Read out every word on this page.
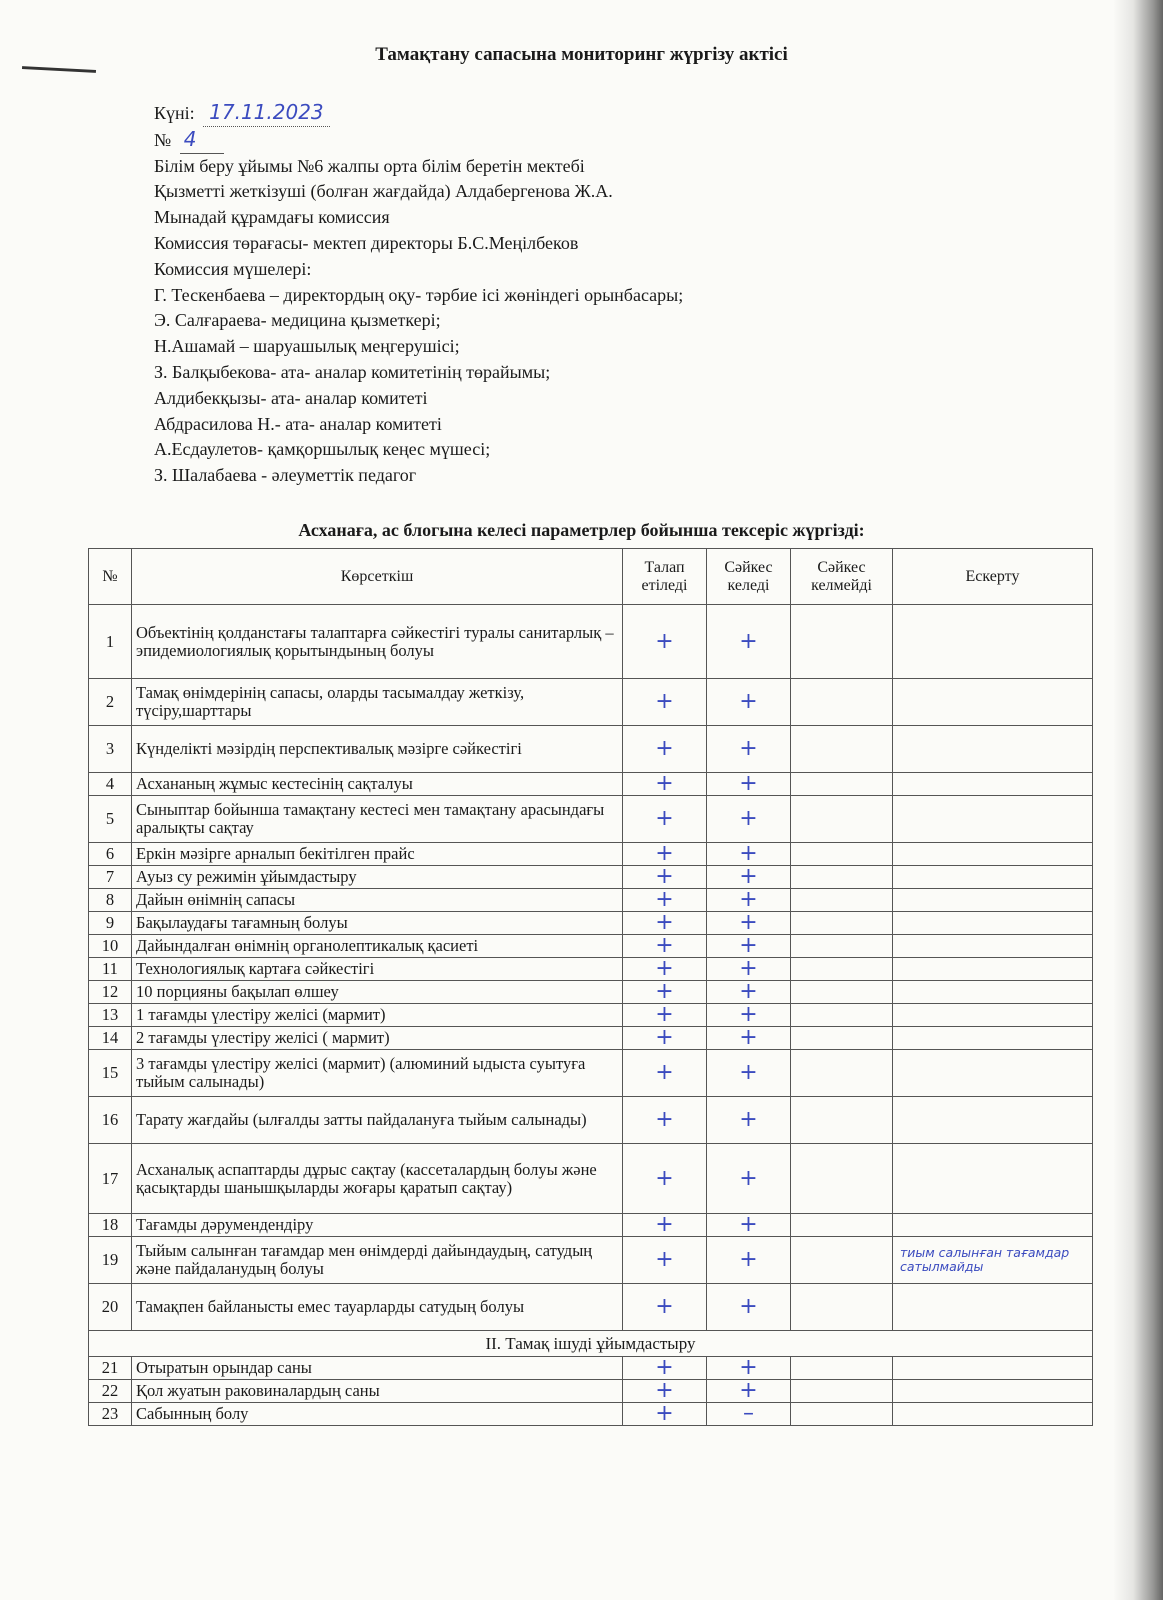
Тамақтану сапасына мониторинг жүргізу актісі
Күні: 17.11.2023
№ 4
Білім беру ұйымы №6 жалпы орта білім беретін мектебі
Қызметті жеткізуші (болған жағдайда) Алдабергенова Ж.А.
Мынадай құрамдағы комиссия
Комиссия төрағасы- мектеп директоры Б.С.Меңілбеков
Комиссия мүшелері:
Г. Тескенбаева – директордың оқу- тәрбие ісі жөніндегі орынбасары;
Э. Салғараева- медицина қызметкері;
Н.Ашамай – шаруашылық меңгерушісі;
З. Балқыбекова- ата- аналар комитетінің төрайымы;
Алдибекқызы- ата- аналар комитеті
Абдрасилова Н.- ата- аналар комитеті
А.Есдаулетов- қамқоршылық кеңес мүшесі;
З. Шалабаева - әлеуметтік педагог
Асханаға, ас блогына келесі параметрлер бойынша тексеріс жүргізді:
№	Көрсеткіш	Талап етіледі	Сәйкес келеді	Сәйкес келмейді	Ескерту
1	Объектінің қолданстағы талаптарға сәйкестігі туралы санитарлық – эпидемиологиялық қорытындының болуы	+	+		

2	Тамақ өнімдерінің сапасы, оларды тасымалдау жеткізу, түсіру,шарттары	+	+		

3	Күнделікті мәзірдің перспективалық мәзірге сәйкестігі	+	+		

4	Асхананың жұмыс кестесінің сақталуы	+	+		

5	Сыныптар бойынша тамақтану кестесі мен тамақтану арасындағы аралықты сақтау	+	+		

6	Еркін мәзірге арналып бекітілген прайс	+	+		

7	Ауыз су режимін ұйымдастыру	+	+		

8	Дайын өнімнің сапасы	+	+		

9	Бақылаудағы тағамның болуы	+	+		

10	Дайындалған өнімнің органолептикалық қасиеті	+	+		

11	Технологиялық картаға сәйкестігі	+	+		

12	10 порцияны бақылап өлшеу	+	+		

13	1 тағамды үлестіру желісі (мармит)	+	+		

14	2 тағамды үлестіру желісі ( мармит)	+	+		

15	3 тағамды үлестіру желісі (мармит) (алюминий ыдыста суытуға тыйым салынады)	+	+		

16	Тарату жағдайы (ылғалды затты пайдалануға тыйым салынады)	+	+		

17	Асханалық аспаптарды дұрыс сақтау (кассеталардың болуы және қасықтарды шанышқыларды жоғары қаратып сақтау)	+	+		

18	Тағамды дәрумендендіру	+	+		

19	Тыйым салынған тағамдар мен өнімдерді дайындаудың, сатудың және пайдаланудың болуы	+	+		тиым салынған тағамдар сатылмайды

20	Тамақпен байланысты емес тауарларды сатудың болуы	+	+		

ІІ. Тамақ ішуді ұйымдастыру					
21	Отыратын орындар саны	+	+		

22	Қол жуатын раковиналардың саны	+	+		

23	Сабынның болу	+	–		
